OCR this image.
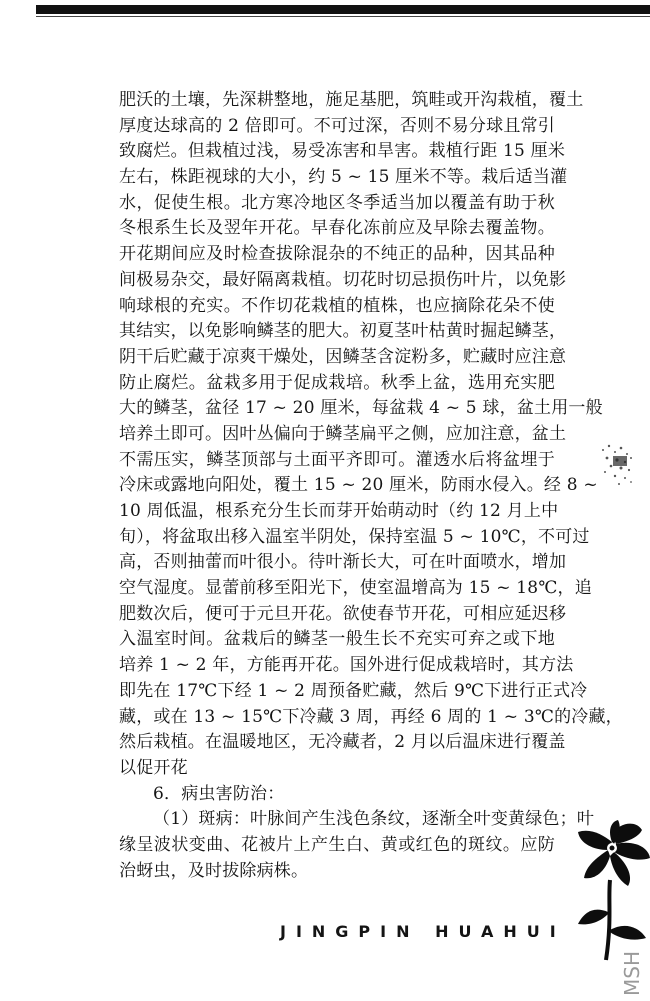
肥沃的土壤，先深耕整地，施足基肥，筑畦或开沟栽植，覆土
厚度达球高的 2 倍即可。不可过深，否则不易分球且常引
致腐烂。但栽植过浅，易受冻害和旱害。栽植行距 15 厘米
左右，株距视球的大小，约 5 ~ 15 厘米不等。栽后适当灌
水，促使生根。北方寒冷地区冬季适当加以覆盖有助于秋
冬根系生长及翌年开花。早春化冻前应及早除去覆盖物。
开花期间应及时检查拔除混杂的不纯正的品种，因其品种
间极易杂交，最好隔离栽植。切花时切忌损伤叶片，以免影
响球根的充实。不作切花栽植的植株，也应摘除花朵不使
其结实，以免影响鳞茎的肥大。初夏茎叶枯黄时掘起鳞茎，
阴干后贮藏于凉爽干燥处，因鳞茎含淀粉多，贮藏时应注意
防止腐烂。盆栽多用于促成栽培。秋季上盆，选用充实肥
大的鳞茎，盆径 17 ~ 20 厘米，每盆栽 4 ~ 5 球，盆土用一般
培养土即可。因叶丛偏向于鳞茎扁平之侧，应加注意，盆土
不需压实，鳞茎顶部与土面平齐即可。灌透水后将盆埋于
冷床或露地向阳处，覆土 15 ~ 20 厘米，防雨水侵入。经 8 ~
10 周低温，根系充分生长而芽开始萌动时（约 12 月上中
旬），将盆取出移入温室半阴处，保持室温 5 ~ 10℃，不可过
高，否则抽蕾而叶很小。待叶渐长大，可在叶面喷水，增加
空气湿度。显蕾前移至阳光下，使室温增高为 15 ~ 18℃，追
肥数次后，便可于元旦开花。欲使春节开花，可相应延迟移
入温室时间。盆栽后的鳞茎一般生长不充实可弃之或下地
培养 1 ~ 2 年，方能再开花。国外进行促成栽培时，其方法
即先在 17℃下经 1 ~ 2 周预备贮藏，然后 9℃下进行正式冷
藏，或在 13 ~ 15℃下冷藏 3 周，再经 6 周的 1 ~ 3℃的冷藏，
然后栽植。在温暖地区，无冷藏者，2 月以后温床进行覆盖
以促开花
6．病虫害防治：
（1）斑病：叶脉间产生浅色条纹，逐渐全叶变黄绿色；叶
缘呈波状变曲、花被片上产生白、黄或红色的斑纹。应防
治蚜虫，及时拔除病株。
JINGPIN HUAHUI
MSH
